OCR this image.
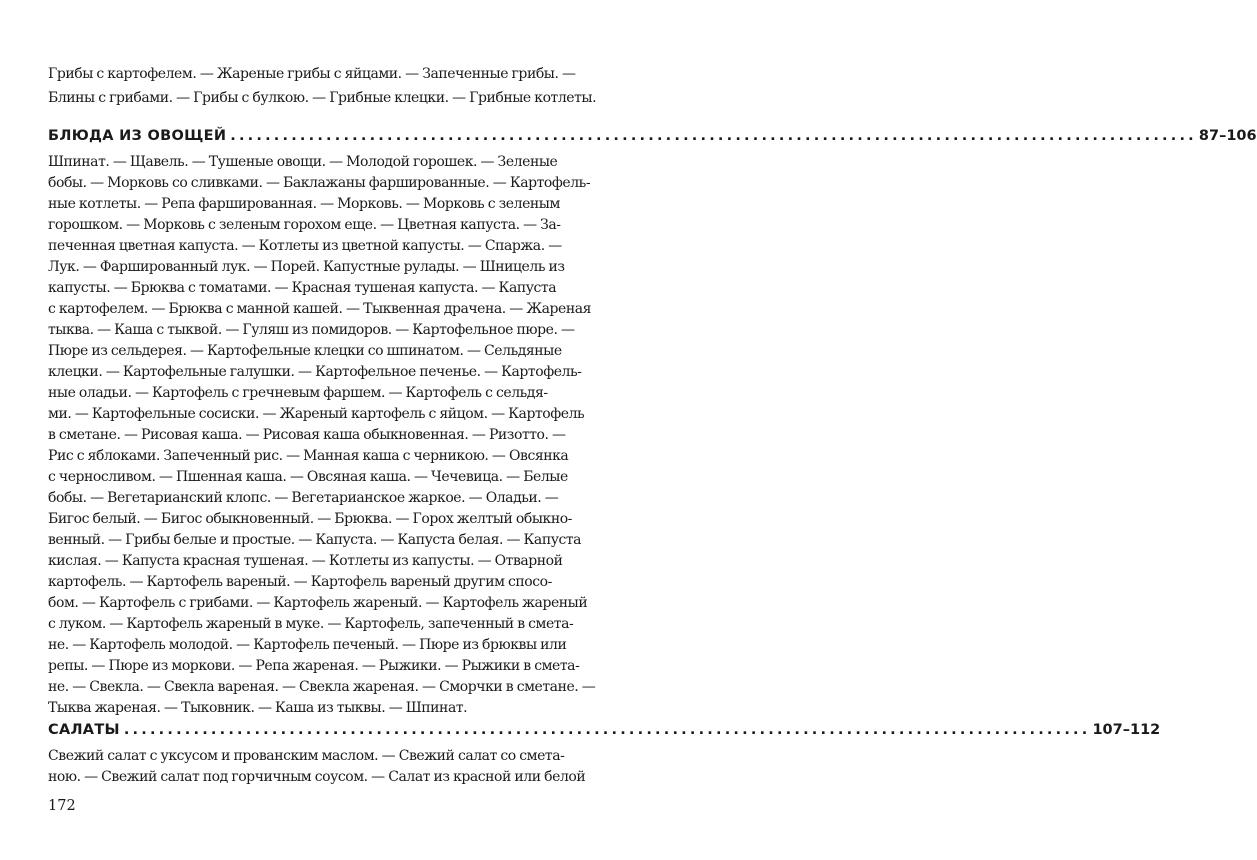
Грибы с картофелем. — Жареные грибы с яйцами. — Запеченные грибы. —
Блины с грибами. — Грибы с булкою. — Грибные клецки. — Грибные котлеты.
БЛЮДА ИЗ ОВОЩЕЙ .....	87–106
Шпинат. — Щавель. — Тушеные овощи. — Молодой горошек. — Зеленые
бобы. — Морковь со сливками. — Баклажаны фаршированные. — Картофель-
ные котлеты. — Репа фаршированная. — Морковь. — Морковь с зеленым
горошком. — Морковь с зеленым горохом еще. — Цветная капуста. — За-
печенная цветная капуста. — Котлеты из цветной капусты. — Спаржа. —
Лук. — Фаршированный лук. — Порей. Капустные рулады. — Шницель из
капусты. — Брюква с томатами. — Красная тушеная капуста. — Капуста
с картофелем. — Брюква с манной кашей. — Тыквенная драчена. — Жареная
тыква. — Каша с тыквой. — Гуляш из помидоров. — Картофельное пюре. —
Пюре из сельдерея. — Картофельные клецки со шпинатом. — Сельдяные
клецки. — Картофельные галушки. — Картофельное печенье. — Картофель-
ные оладьи. — Картофель с гречневым фаршем. — Картофель с сельдя-
ми. — Картофельные сосиски. — Жареный картофель с яйцом. — Картофель
в сметане. — Рисовая каша. — Рисовая каша обыкновенная. — Ризотто. —
Рис с яблоками. Запеченный рис. — Манная каша с черникою. — Овсянка
с черносливом. — Пшенная каша. — Овсяная каша. — Чечевица. — Белые
бобы. — Вегетарианский клопс. — Вегетарианское жаркое. — Оладьи. —
Бигос белый. — Бигос обыкновенный. — Брюква. — Горох желтый обыкно-
венный. — Грибы белые и простые. — Капуста. — Капуста белая. — Капуста
кислая. — Капуста красная тушеная. — Котлеты из капусты. — Отварной
картофель. — Картофель вареный. — Картофель вареный другим спосо-
бом. — Картофель с грибами. — Картофель жареный. — Картофель жареный
с луком. — Картофель жареный в муке. — Картофель, запеченный в смета-
не. — Картофель молодой. — Картофель печеный. — Пюре из брюквы или
репы. — Пюре из моркови. — Репа жареная. — Рыжики. — Рыжики в смета-
не. — Свекла. — Свекла вареная. — Свекла жареная. — Сморчки в сметане. —
Тыква жареная. — Тыковник. — Каша из тыквы. — Шпинат.
САЛАТЫ .....	107–112
Свежий салат с уксусом и прованским маслом. — Свежий салат со смета-
ною. — Свежий салат под горчичным соусом. — Салат из красной или белой
172
